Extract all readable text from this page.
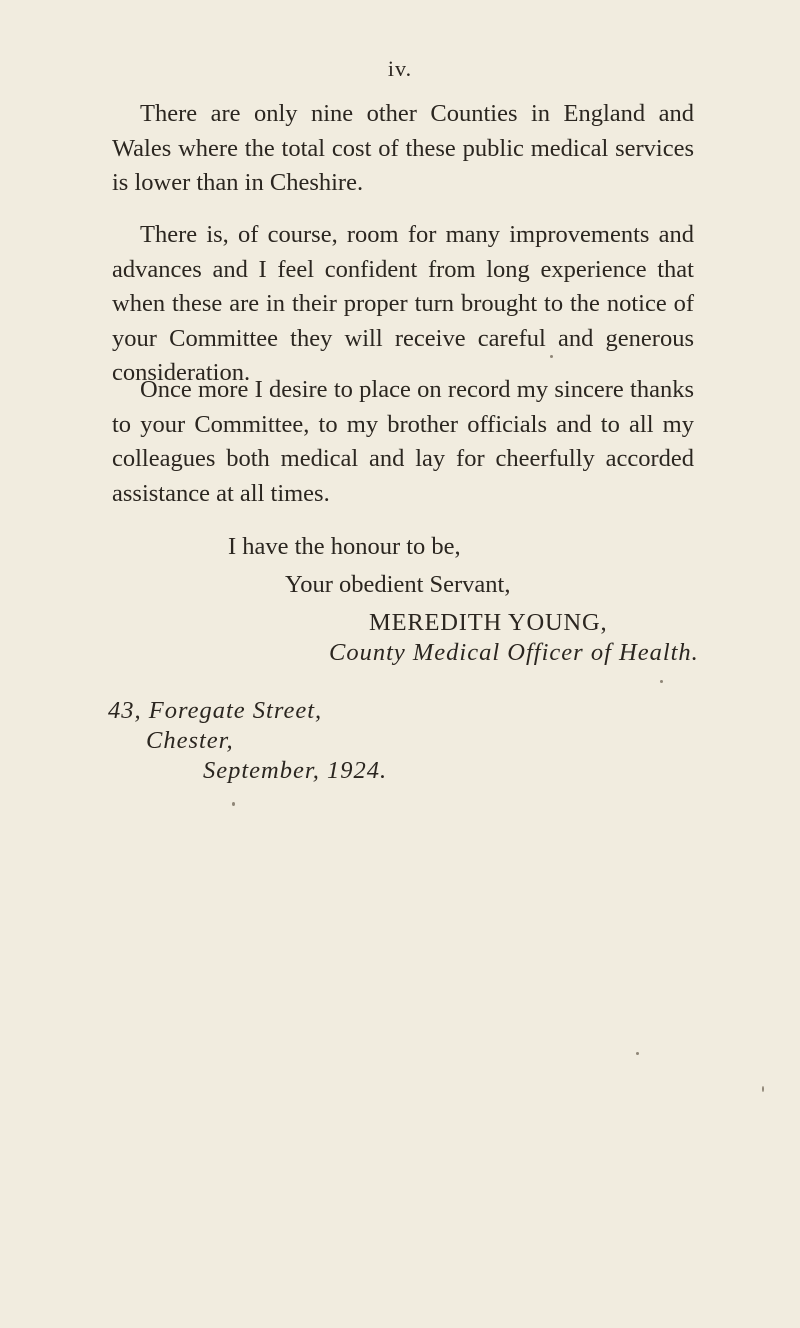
iv.

There are only nine other Counties in England and Wales where the total cost of these public medical services is lower than in Cheshire.

There is, of course, room for many improvements and advances and I feel confident from long experience that when these are in their proper turn brought to the notice of your Committee they will receive careful and generous consideration.

Once more I desire to place on record my sincere thanks to your Committee, to my brother officials and to all my colleagues both medical and lay for cheerfully accorded assistance at all times.

I have the honour to be,
Your obedient Servant,
MEREDITH YOUNG,
County Medical Officer of Health.
43, Foregate Street,
Chester,
September, 1924.
